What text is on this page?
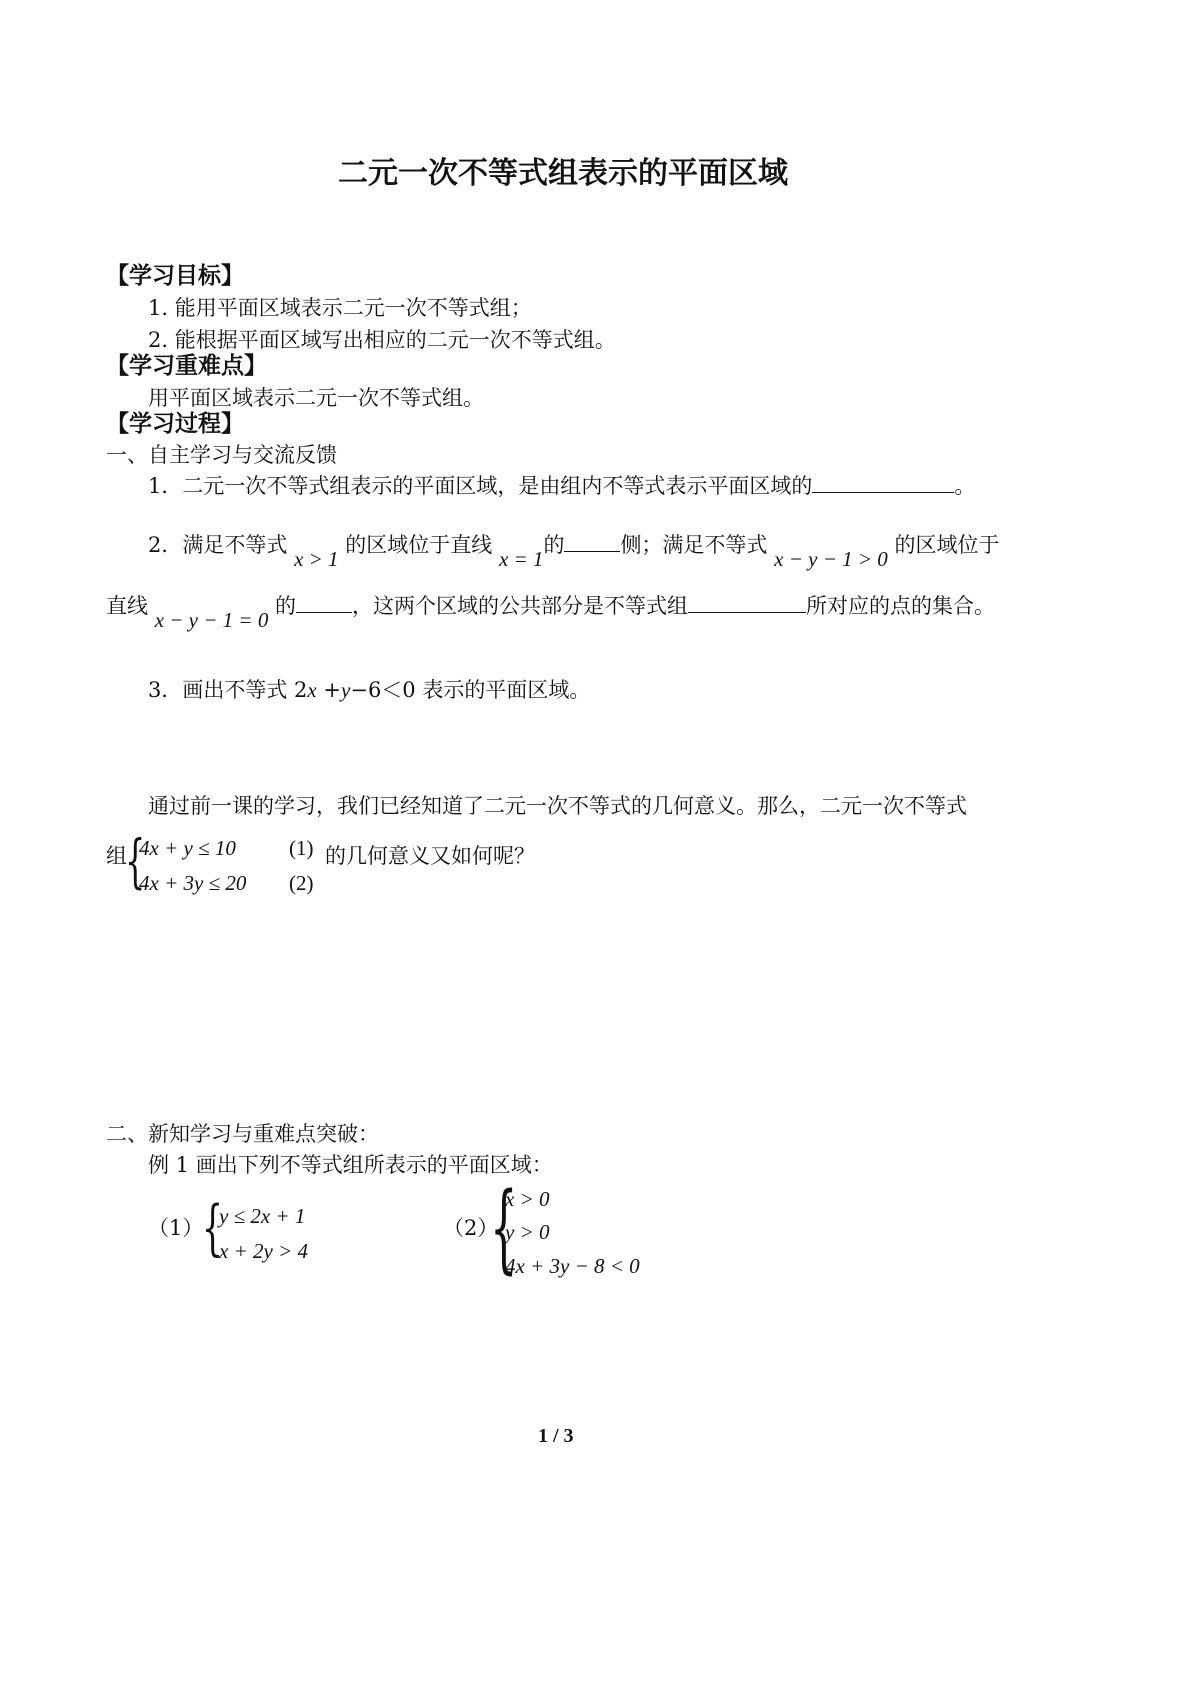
二元一次不等式组表示的平面区域
【学习目标】
1. 能用平面区域表示二元一次不等式组；
2. 能根据平面区域写出相应的二元一次不等式组。
【学习重难点】
用平面区域表示二元一次不等式组。
【学习过程】
一、自主学习与交流反馈
1．二元一次不等式组表示的平面区域，是由组内不等式表示平面区域的	。
2．满足不等式 x > 1 的区域位于直线 x = 1的	侧；满足不等式 x − y − 1 > 0 的区域位于
直线 x − y − 1 = 0 的	，这两个区域的公共部分是不等式组	所对应的点的集合。
3．画出不等式 2x +y−6＜0 表示的平面区域。
通过前一课的学习，我们已经知道了二元一次不等式的几何意义。那么，二元一次不等式
组
{
4x + y ≤ 10	(1)
4x + 3y ≤ 20 (2)
的几何意义又如何呢？
二、新知学习与重难点突破：
例 1 画出下列不等式组所表示的平面区域：
（1）
{
y ≤ 2x + 1
x + 2y > 4
（2）
{
x > 0
y > 0
4x + 3y − 8 < 0
1 / 3
